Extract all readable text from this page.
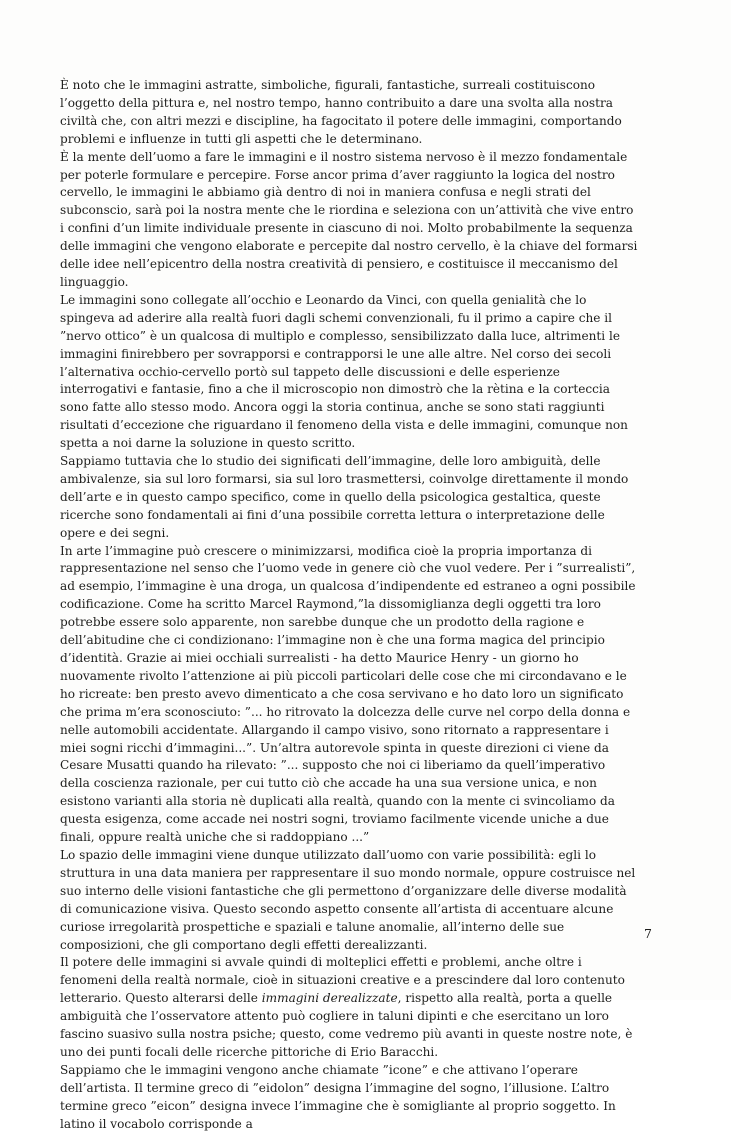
È noto che le immagini astratte, simboliche, figurali, fantastiche, surreali costituiscono l’oggetto della pittura e, nel nostro tempo, hanno contribuito a dare una svolta alla nostra civiltà che, con altri mezzi e discipline, ha fagocitato il potere delle immagini, comportando problemi e influenze in tutti gli aspetti che le determinano.

È la mente dell’uomo a fare le immagini e il nostro sistema nervoso è il mezzo fondamentale per poterle formulare e percepire. Forse ancor prima d’aver raggiunto la logica del nostro cervello, le immagini le abbiamo già dentro di noi in maniera confusa e negli strati del subconscio, sarà poi la nostra mente che le riordina e seleziona con un’attività che vive entro i confini d’un limite individuale presente in ciascuno di noi. Molto probabilmente la sequenza delle immagini che vengono elaborate e percepite dal nostro cervello, è la chiave del formarsi delle idee nell’epicentro della nostra creatività di pensiero, e costituisce il meccanismo del linguaggio.

Le immagini sono collegate all’occhio e Leonardo da Vinci, con quella genialità che lo spingeva ad aderire alla realtà fuori dagli schemi convenzionali, fu il primo a capire che il ”nervo ottico” è un qualcosa di multiplo e complesso, sensibilizzato dalla luce, altrimenti le immagini finirebbero per sovrapporsi e contrapporsi le une alle altre. Nel corso dei secoli l’alternativa occhio-cervello portò sul tappeto delle discussioni e delle esperienze interrogativi e fantasie, fino a che il microscopio non dimostrò che la rètina e la corteccia sono fatte allo stesso modo. Ancora oggi la storia continua, anche se sono stati raggiunti risultati d’eccezione che riguardano il fenomeno della vista e delle immagini, comunque non spetta a noi darne la soluzione in questo scritto.

Sappiamo tuttavia che lo studio dei significati dell’immagine, delle loro ambiguità, delle ambivalenze, sia sul loro formarsi, sia sul loro trasmettersi, coinvolge direttamente il mondo dell’arte e in questo campo specifico, come in quello della psicologica gestaltica, queste ricerche sono fondamentali ai fini d’una possibile corretta lettura o interpretazione delle opere e dei segni.

In arte l’immagine può crescere o minimizzarsi, modifica cioè la propria importanza di rappresentazione nel senso che l’uomo vede in genere ciò che vuol vedere. Per i ”surrealisti”, ad esempio, l’immagine è una droga, un qualcosa d’indipendente ed estraneo a ogni possibile codificazione. Come ha scritto Marcel Raymond,”la dissomiglianza degli oggetti tra loro potrebbe essere solo apparente, non sarebbe dunque che un prodotto della ragione e dell’abitudine che ci condizionano: l’immagine non è che una forma magica del principio d’identità. Grazie ai miei occhiali surrealisti - ha detto Maurice Henry - un giorno ho nuovamente rivolto l’attenzione ai più piccoli particolari delle cose che mi circondavano e le ho ricreate: ben presto avevo dimenticato a che cosa servivano e ho dato loro un significato che prima m’era sconosciuto: ”... ho ritrovato la dolcezza delle curve nel corpo della donna e nelle automobili accidentate. Allargando il campo visivo, sono ritornato a rappresentare i miei sogni ricchi d’immagini...”. Un’altra autorevole spinta in queste direzioni ci viene da Cesare Musatti quando ha rilevato: ”... supposto che noi ci liberiamo da quell’imperativo della coscienza razionale, per cui tutto ciò che accade ha una sua versione unica, e non esistono varianti alla storia nè duplicati alla realtà, quando con la mente ci svincoliamo da questa esigenza, come accade nei nostri sogni, troviamo facilmente vicende uniche a due finali, oppure realtà uniche che si raddoppiano ...”

Lo spazio delle immagini viene dunque utilizzato dall’uomo con varie possibilità: egli lo struttura in una data maniera per rappresentare il suo mondo normale, oppure costruisce nel suo interno delle visioni fantastiche che gli permettono d’organizzare delle diverse modalità di comunicazione visiva. Questo secondo aspetto consente all’artista di accentuare alcune curiose irregolarità prospettiche e spaziali e talune anomalie, all’interno delle sue composizioni, che gli comportano degli effetti derealizzanti.

Il potere delle immagini si avvale quindi di molteplici effetti e problemi, anche oltre i fenomeni della realtà normale, cioè in situazioni creative e a prescindere dal loro contenuto letterario. Questo alterarsi delle immagini derealizzate, rispetto alla realtà, porta a quelle ambiguità che l’osservatore attento può cogliere in taluni dipinti e che esercitano un loro fascino suasivo sulla nostra psiche; questo, come vedremo più avanti in queste nostre note, è uno dei punti focali delle ricerche pittoriche di Erio Baracchi.

Sappiamo che le immagini vengono anche chiamate ”icone” e che attivano l’operare dell’artista. Il termine greco di ”eidolon” designa l’immagine del sogno, l’illusione. L’altro termine greco ”eicon” designa invece l’immagine che è somigliante al proprio soggetto. In latino il vocabolo corrisponde a

7
